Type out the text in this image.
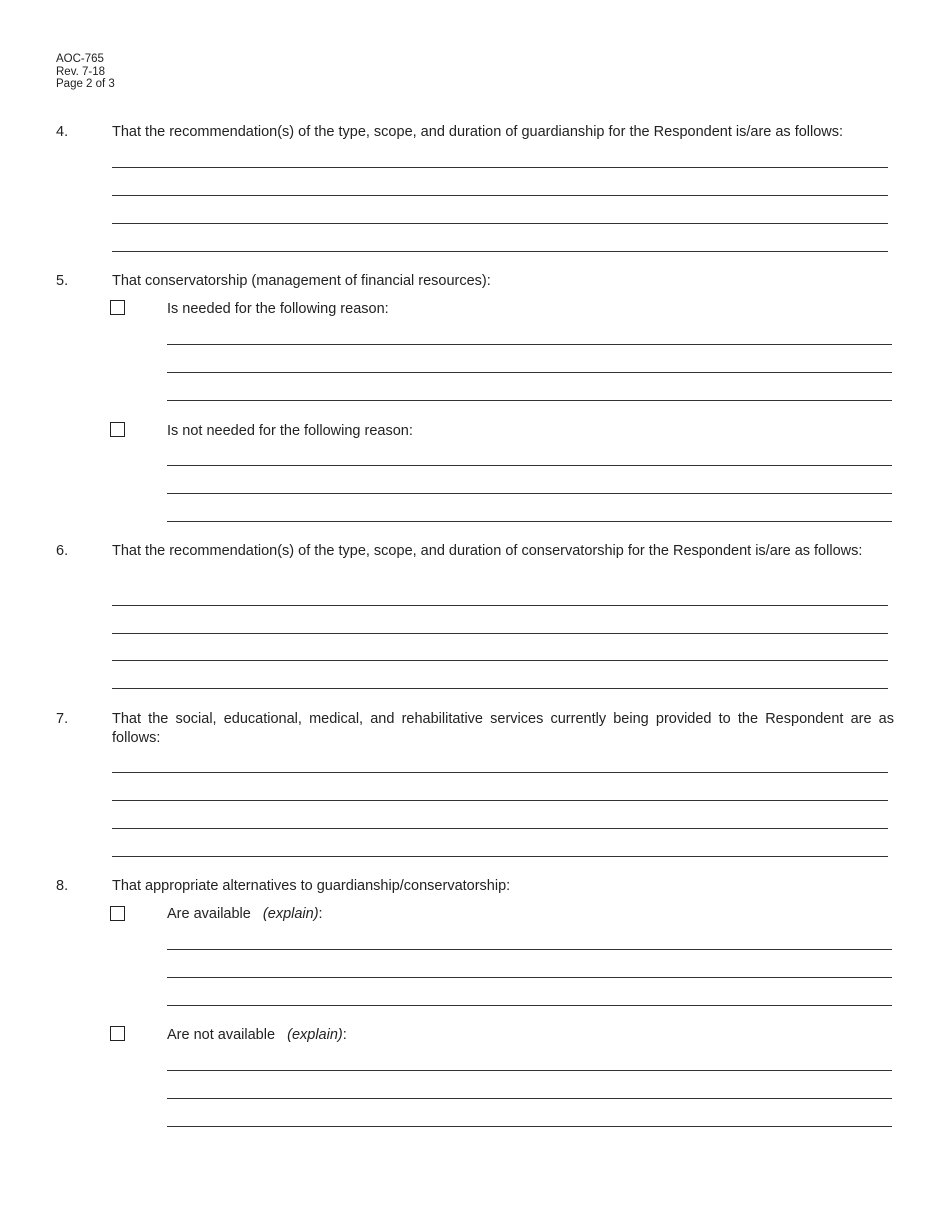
AOC-765
Rev. 7-18
Page 2 of 3
4.	That the recommendation(s) of the type, scope, and duration of guardianship for the Respondent is/are as follows:
5.	That conservatorship (management of financial resources):
Is needed for the following reason:
Is not needed for the following reason:
6.	That the recommendation(s) of the type, scope, and duration of conservatorship for the Respondent is/are as follows:
7.	That the social, educational, medical, and rehabilitative services currently being provided to the Respondent are as follows:
8.	That appropriate alternatives to guardianship/conservatorship:
Are available (explain):
Are not available (explain):
